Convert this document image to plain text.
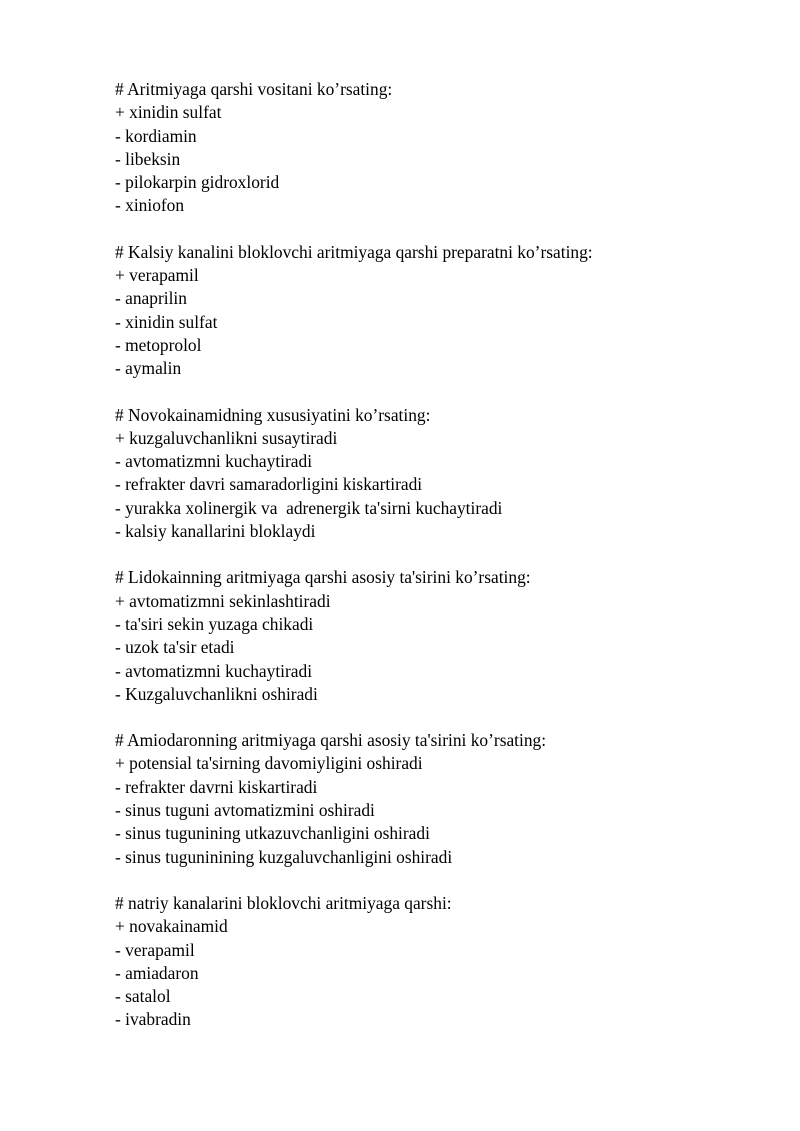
# Aritmiyaga qarshi vositani ko’rsating:
+ xinidin sulfat
- kordiamin
- libeksin
- pilokarpin gidroxlorid
- xiniofon
# Kalsiy kanalini bloklovchi aritmiyaga qarshi preparatni ko’rsating:
+ verapamil
- anaprilin
- xinidin sulfat
- metoprolol
- aymalin
# Novokainamidning xususiyatini ko’rsating:
+ kuzgaluvchanlikni susaytiradi
- avtomatizmni kuchaytiradi
- refrakter davri samaradorligini kiskartiradi
- yurakka xolinergik va  adrenergik ta'sirni kuchaytiradi
- kalsiy kanallarini bloklaydi
# Lidokainning aritmiyaga qarshi asosiy ta'sirini ko’rsating:
+ avtomatizmni sekinlashtiradi
- ta'siri sekin yuzaga chikadi
- uzok ta'sir etadi
- avtomatizmni kuchaytiradi
- Kuzgaluvchanlikni oshiradi
# Amiodaronning aritmiyaga qarshi asosiy ta'sirini ko’rsating:
+ potensial ta'sirning davomiyligini oshiradi
- refrakter davrni kiskartiradi
- sinus tuguni avtomatizmini oshiradi
- sinus tugunining utkazuvchanligini oshiradi
- sinus tuguninining kuzgaluvchanligini oshiradi
# natriy kanalarini bloklovchi aritmiyaga qarshi:
+ novakainamid
- verapamil
- amiadaron
- satalol
- ivabradin
